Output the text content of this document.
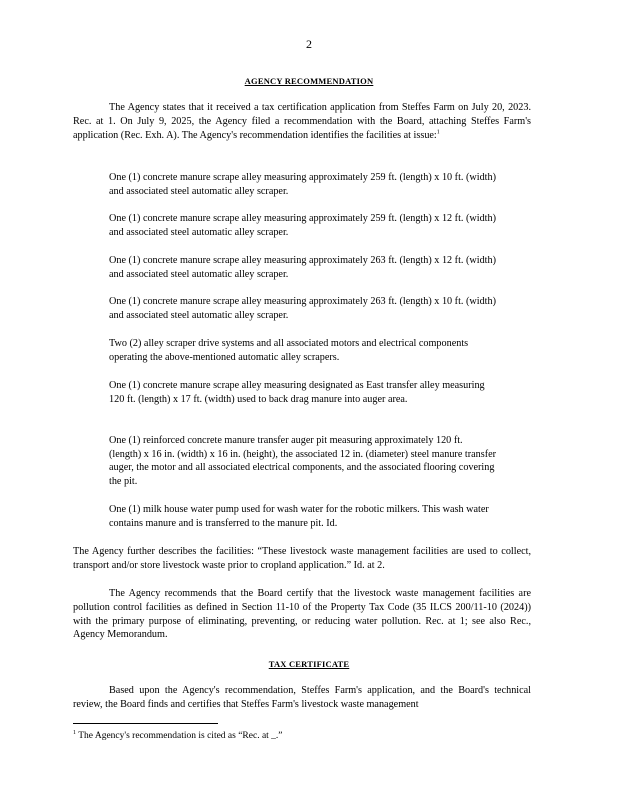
2
AGENCY RECOMMENDATION
The Agency states that it received a tax certification application from Steffes Farm on July 20, 2023. Rec. at 1. On July 9, 2025, the Agency filed a recommendation with the Board, attaching Steffes Farm's application (Rec. Exh. A). The Agency's recommendation identifies the facilities at issue:$^1$
One (1) concrete manure scrape alley measuring approximately 259 ft. (length) x 10 ft. (width) and associated steel automatic alley scraper.
One (1) concrete manure scrape alley measuring approximately 259 ft. (length) x 12 ft. (width) and associated steel automatic alley scraper.
One (1) concrete manure scrape alley measuring approximately 263 ft. (length) x 12 ft. (width) and associated steel automatic alley scraper.
One (1) concrete manure scrape alley measuring approximately 263 ft. (length) x 10 ft. (width) and associated steel automatic alley scraper.
Two (2) alley scraper drive systems and all associated motors and electrical components operating the above-mentioned automatic alley scrapers.
One (1) concrete manure scrape alley measuring designated as East transfer alley measuring 120 ft. (length) x 17 ft. (width) used to back drag manure into auger area.
One (1) reinforced concrete manure transfer auger pit measuring approximately 120 ft. (length) x 16 in. (width) x 16 in. (height), the associated 12 in. (diameter) steel manure transfer auger, the motor and all associated electrical components, and the associated flooring covering the pit.
One (1) milk house water pump used for wash water for the robotic milkers. This wash water contains manure and is transferred to the manure pit. Id.
The Agency further describes the facilities: “These livestock waste management facilities are used to collect, transport and/or store livestock waste prior to cropland application.” Id. at 2.
The Agency recommends that the Board certify that the livestock waste management facilities are pollution control facilities as defined in Section 11-10 of the Property Tax Code (35 ILCS 200/11-10 (2024)) with the primary purpose of eliminating, preventing, or reducing water pollution. Rec. at 1; see also Rec., Agency Memorandum.
TAX CERTIFICATE
Based upon the Agency's recommendation, Steffes Farm's application, and the Board's technical review, the Board finds and certifies that Steffes Farm's livestock waste management
$^1$ The Agency's recommendation is cited as “Rec. at _.”
